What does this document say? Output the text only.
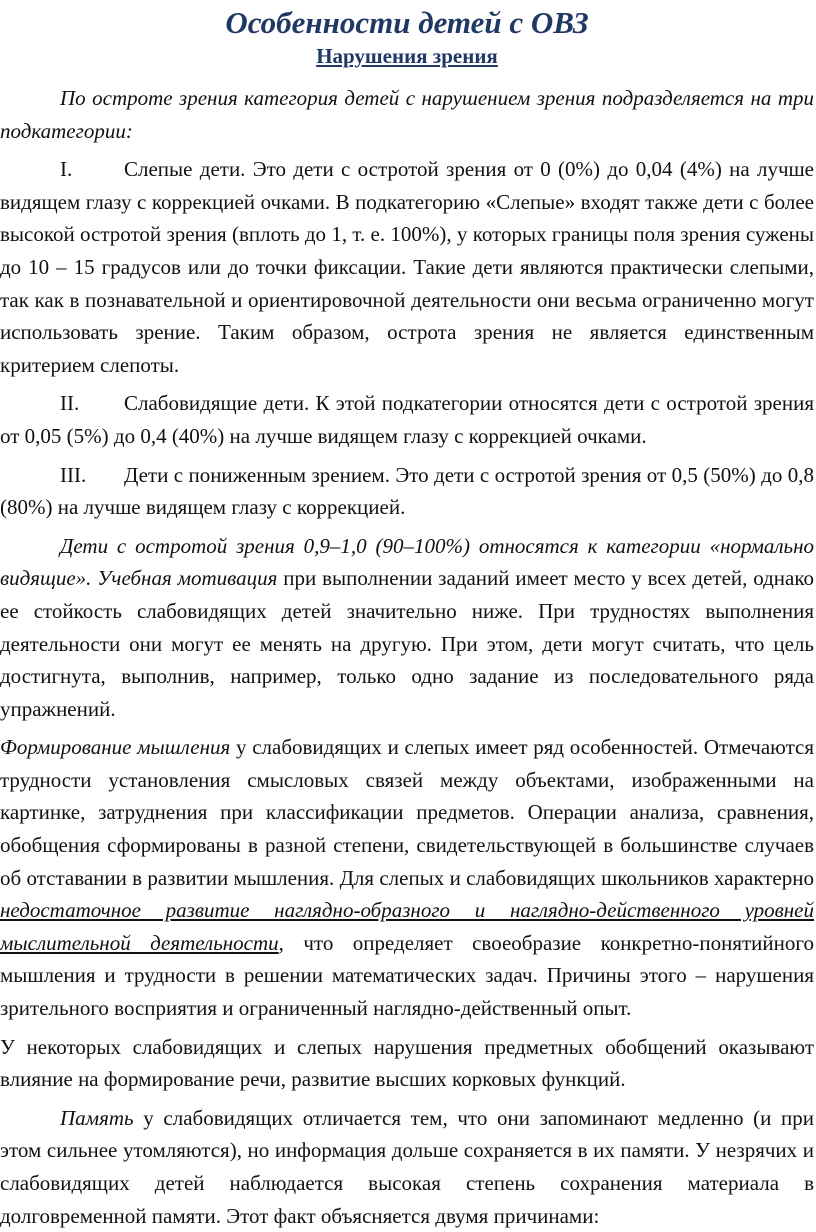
Особенности детей с ОВЗ
Нарушения зрения

По остроте зрения категория детей с нарушением зрения подразделяется на три подкатегории:

I. Слепые дети. Это дети с остротой зрения от 0 (0%) до 0,04 (4%) на лучше видящем глазу с коррекцией очками. В подкатегорию «Слепые» входят также дети с более высокой остротой зрения (вплоть до 1, т. е. 100%), у которых границы поля зрения сужены до 10 – 15 градусов или до точки фиксации. Такие дети являются практически слепыми, так как в познавательной и ориентировочной деятельности они весьма ограниченно могут использовать зрение. Таким образом, острота зрения не является единственным критерием слепоты.

II. Слабовидящие дети. К этой подкатегории относятся дети с остротой зрения от 0,05 (5%) до 0,4 (40%) на лучше видящем глазу с коррекцией очками.

III. Дети с пониженным зрением. Это дети с остротой зрения от 0,5 (50%) до 0,8 (80%) на лучше видящем глазу с коррекцией.

Дети с остротой зрения 0,9–1,0 (90–100%) относятся к категории «нормально видящие». Учебная мотивация при выполнении заданий имеет место у всех детей, однако ее стойкость слабовидящих детей значительно ниже. При трудностях выполнения деятельности они могут ее менять на другую. При этом, дети могут считать, что цель достигнута, выполнив, например, только одно задание из последовательного ряда упражнений.

Формирование мышления у слабовидящих и слепых имеет ряд особенностей. Отмечаются трудности установления смысловых связей между объектами, изображенными на картинке, затруднения при классификации предметов. Операции анализа, сравнения, обобщения сформированы в разной степени, свидетельствующей в большинстве случаев об отставании в развитии мышления. Для слепых и слабовидящих школьников характерно недостаточное развитие наглядно-образного и наглядно-действенного уровней мыслительной деятельности, что определяет своеобразие конкретно-понятийного мышления и трудности в решении математических задач. Причины этого – нарушения зрительного восприятия и ограниченный наглядно-действенный опыт.

У некоторых слабовидящих и слепых нарушения предметных обобщений оказывают влияние на формирование речи, развитие высших корковых функций.

Память у слабовидящих отличается тем, что они запоминают медленно (и при этом сильнее утомляются), но информация дольше сохраняется в их памяти. У незрячих и слабовидящих детей наблюдается высокая степень сохранения материала в долговременной памяти. Этот факт объясняется двумя причинами:
